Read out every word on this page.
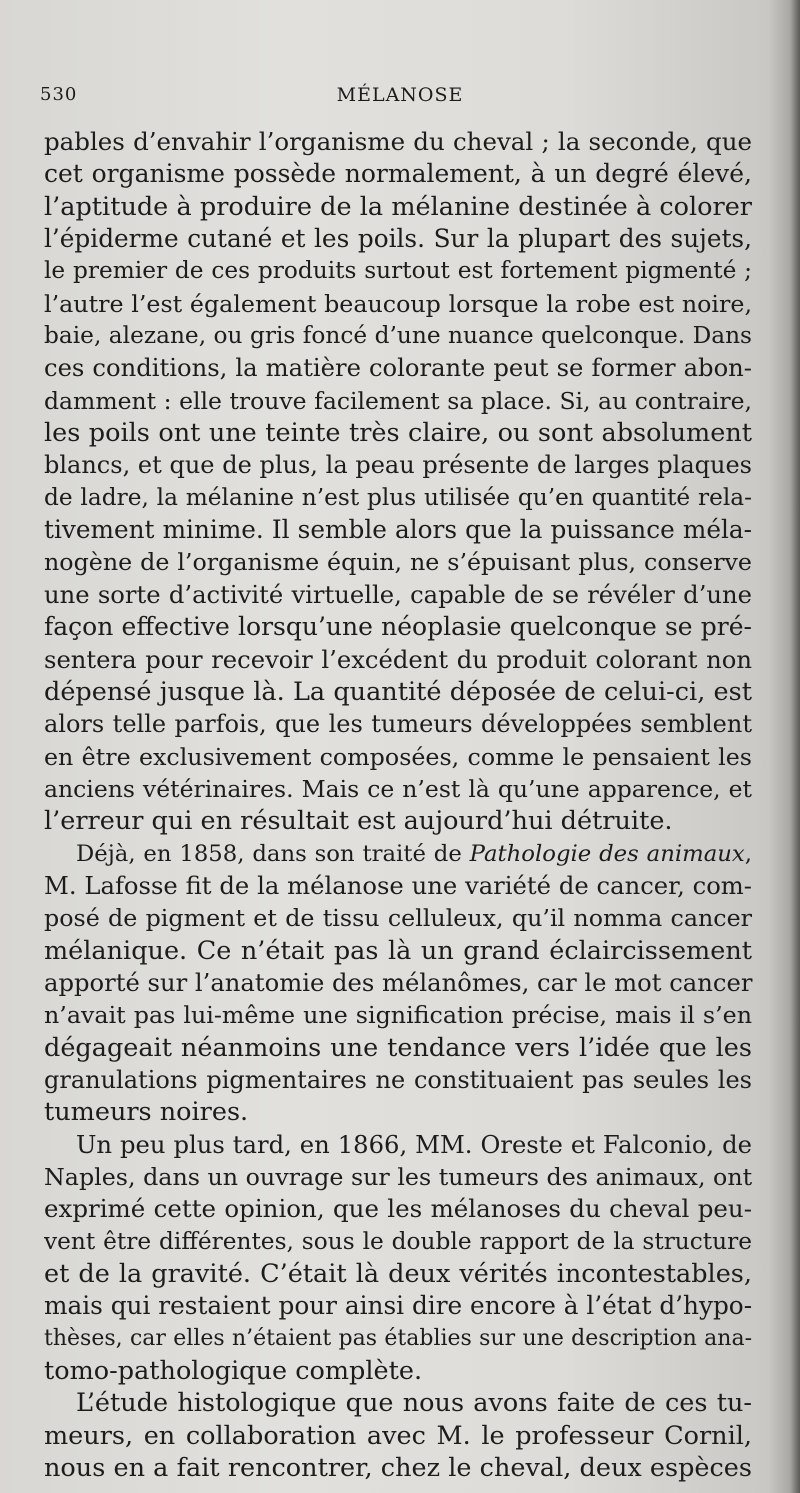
MÉLANOSE
530
pables d’envahir l’organisme du cheval ; la seconde, que
cet organisme possède normalement, à un degré élevé,
l’aptitude à produire de la mélanine destinée à colorer
l’épiderme cutané et les poils. Sur la plupart des sujets,
le premier de ces produits surtout est fortement pigmenté ;
l’autre l’est également beaucoup lorsque la robe est noire,
baie, alezane, ou gris foncé d’une nuance quelconque. Dans
ces conditions, la matière colorante peut se former abon-
damment : elle trouve facilement sa place. Si, au contraire,
les poils ont une teinte très claire, ou sont absolument
blancs, et que de plus, la peau présente de larges plaques
de ladre, la mélanine n’est plus utilisée qu’en quantité rela-
tivement minime. Il semble alors que la puissance méla-
nogène de l’organisme équin, ne s’épuisant plus, conserve
une sorte d’activité virtuelle, capable de se révéler d’une
façon effective lorsqu’une néoplasie quelconque se pré-
sentera pour recevoir l’excédent du produit colorant non
dépensé jusque là. La quantité déposée de celui-ci, est
alors telle parfois, que les tumeurs développées semblent
en être exclusivement composées, comme le pensaient les
anciens vétérinaires. Mais ce n’est là qu’une apparence, et
l’erreur qui en résultait est aujourd’hui détruite.
Déjà, en 1858, dans son traité de Pathologie des animaux,
M. Lafosse fit de la mélanose une variété de cancer, com-
posé de pigment et de tissu celluleux, qu’il nomma cancer
mélanique. Ce n’était pas là un grand éclaircissement
apporté sur l’anatomie des mélanômes, car le mot cancer
n’avait pas lui-même une signification précise, mais il s’en
dégageait néanmoins une tendance vers l’idée que les
granulations pigmentaires ne constituaient pas seules les
tumeurs noires.
Un peu plus tard, en 1866, MM. Oreste et Falconio, de
Naples, dans un ouvrage sur les tumeurs des animaux, ont
exprimé cette opinion, que les mélanoses du cheval peu-
vent être différentes, sous le double rapport de la structure
et de la gravité. C’était là deux vérités incontestables,
mais qui restaient pour ainsi dire encore à l’état d’hypo-
thèses, car elles n’étaient pas établies sur une description ana-
tomo-pathologique complète.
L’étude histologique que nous avons faite de ces tu-
meurs, en collaboration avec M. le professeur Cornil,
nous en a fait rencontrer, chez le cheval, deux espèces
